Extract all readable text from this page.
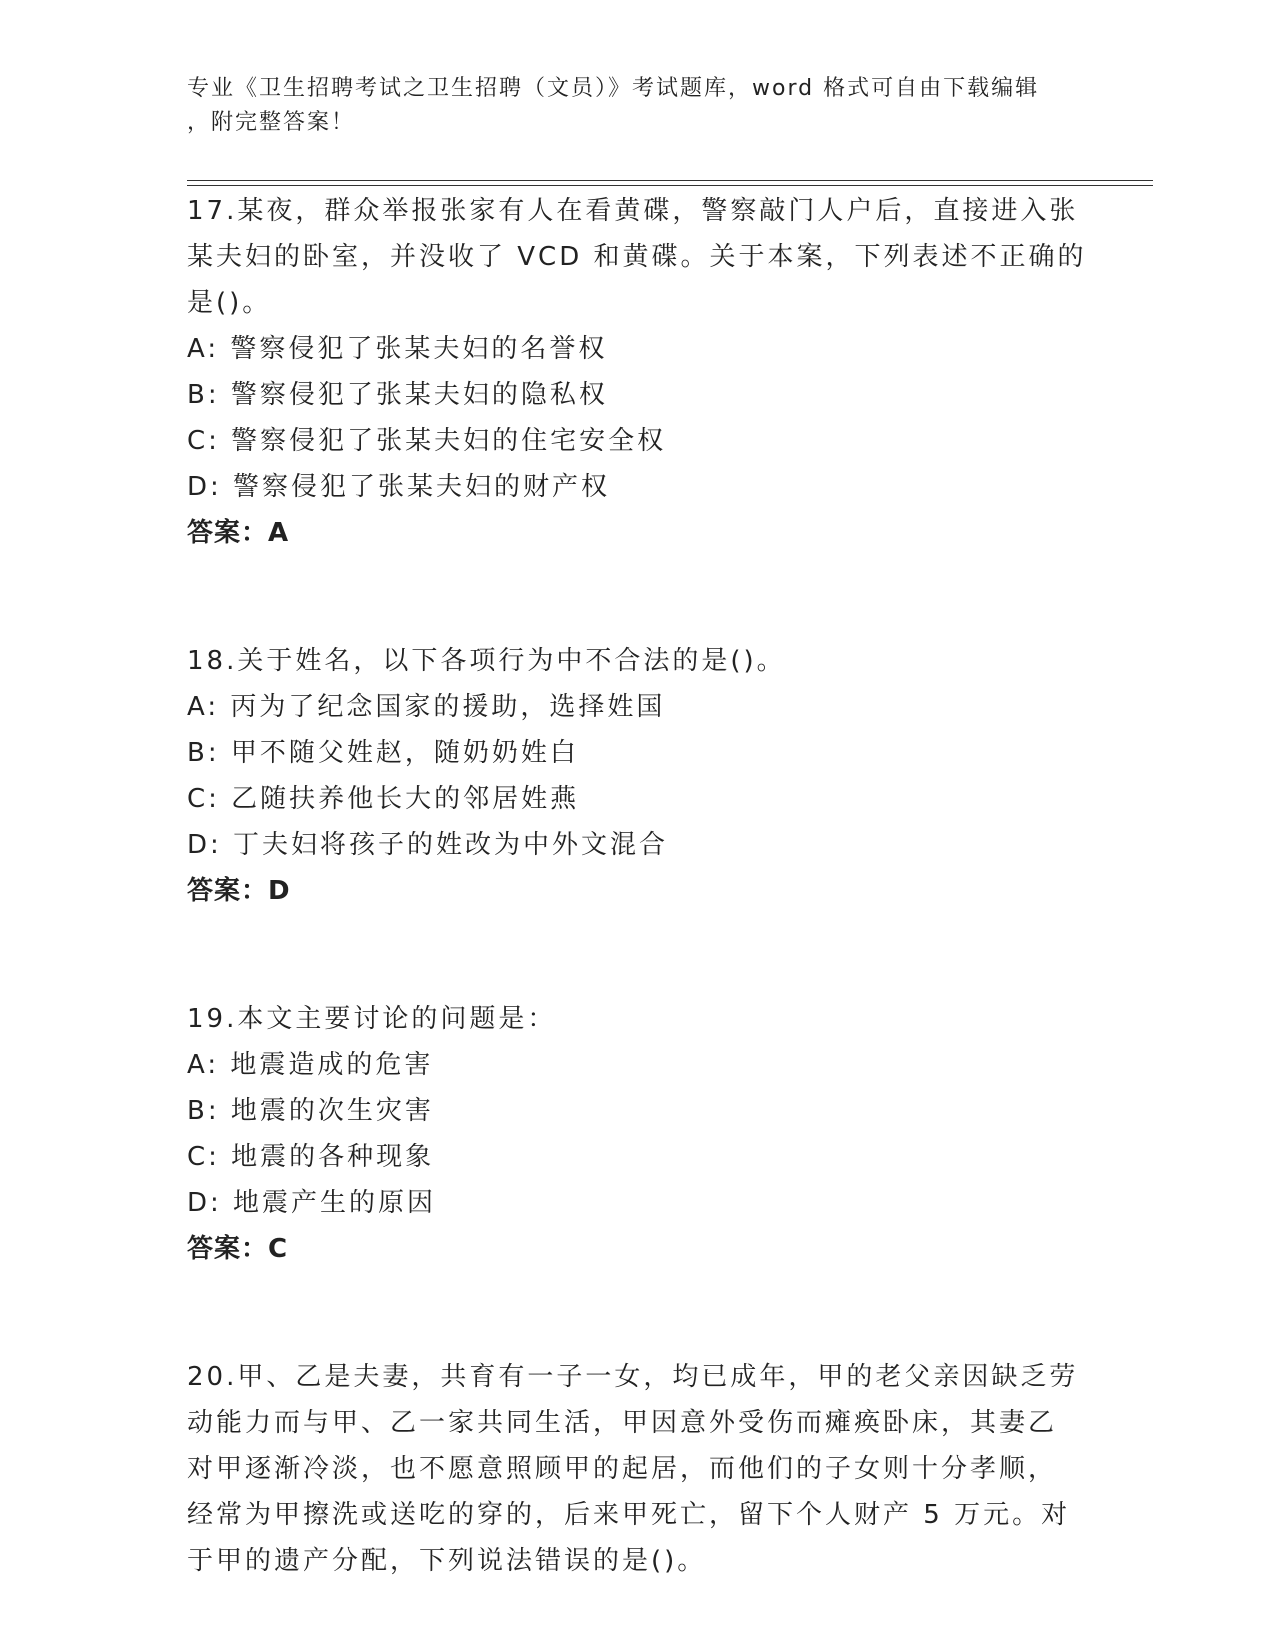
专业《卫生招聘考试之卫生招聘（文员）》考试题库，word 格式可自由下载编辑
，附完整答案！
17.某夜，群众举报张家有人在看黄碟，警察敲门人户后，直接进入张
某夫妇的卧室，并没收了 VCD 和黄碟。关于本案，下列表述不正确的
是()。
A: 警察侵犯了张某夫妇的名誉权
B: 警察侵犯了张某夫妇的隐私权
C: 警察侵犯了张某夫妇的住宅安全权
D: 警察侵犯了张某夫妇的财产权
答案：A
18.关于姓名，以下各项行为中不合法的是()。
A: 丙为了纪念国家的援助，选择姓国
B: 甲不随父姓赵，随奶奶姓白
C: 乙随扶养他长大的邻居姓燕
D: 丁夫妇将孩子的姓改为中外文混合
答案：D
19.本文主要讨论的问题是：
A: 地震造成的危害
B: 地震的次生灾害
C: 地震的各种现象
D: 地震产生的原因
答案：C
20.甲、乙是夫妻，共育有一子一女，均已成年，甲的老父亲因缺乏劳
动能力而与甲、乙一家共同生活，甲因意外受伤而瘫痪卧床，其妻乙
对甲逐渐冷淡，也不愿意照顾甲的起居，而他们的子女则十分孝顺，
经常为甲擦洗或送吃的穿的，后来甲死亡，留下个人财产 5 万元。对
于甲的遗产分配，下列说法错误的是()。
